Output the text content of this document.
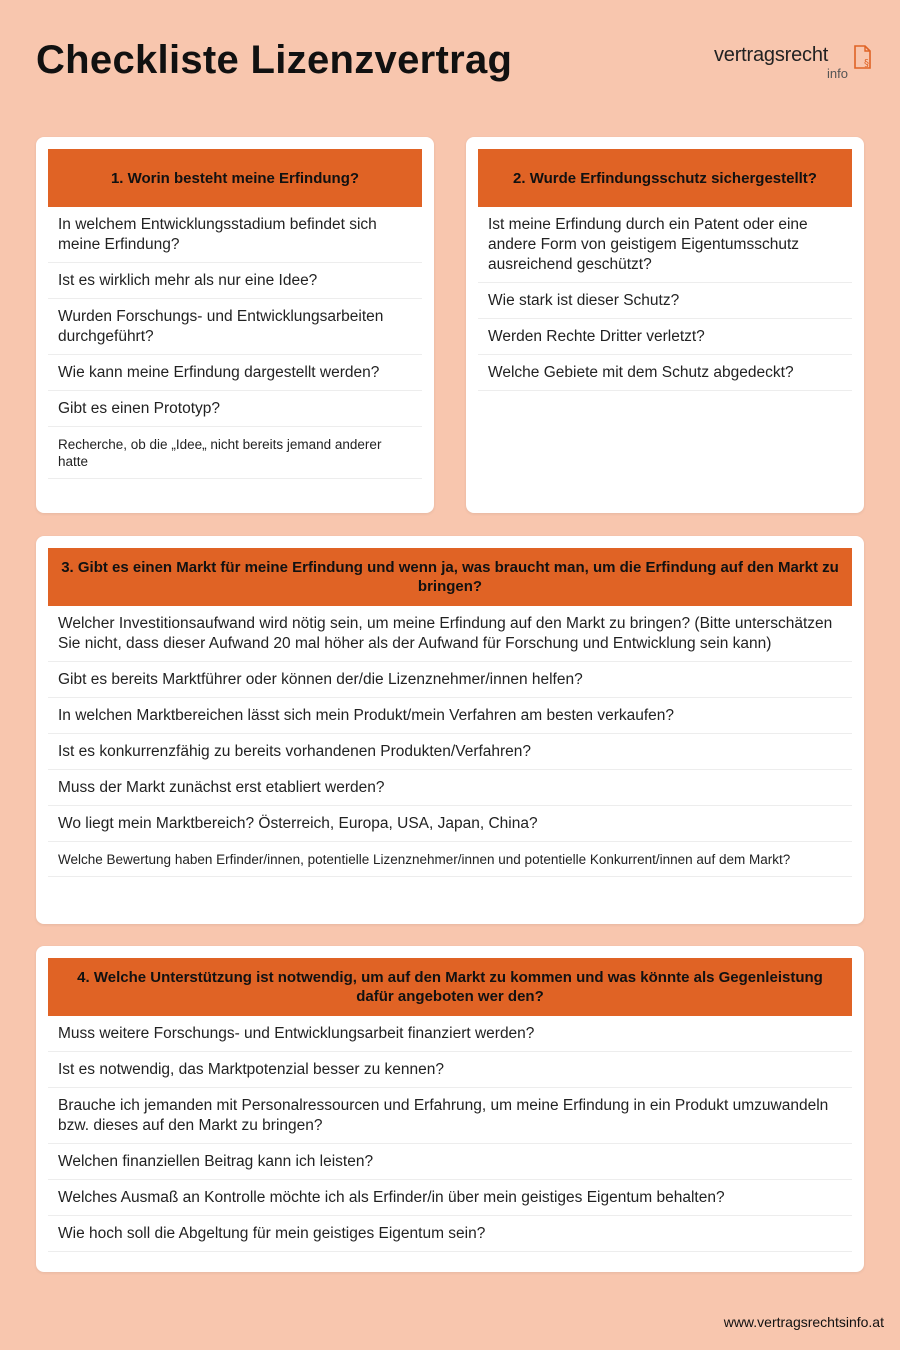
Checkliste Lizenzvertrag	vertragsrecht
info
§
1. Worin besteht meine Erfindung?
In welchem Entwicklungsstadium befindet sich meine Erfindung?
Ist es wirklich mehr als nur eine Idee?
Wurden Forschungs- und Entwicklungsarbeiten durchgeführt?
Wie kann meine Erfindung dargestellt werden?
Gibt es einen Prototyp?
Recherche, ob die „Idee„ nicht bereits jemand anderer hatte
2. Wurde Erfindungsschutz sichergestellt?
Ist meine Erfindung durch ein Patent oder eine andere Form von geistigem Eigentumsschutz ausreichend geschützt?
Wie stark ist dieser Schutz?
Werden Rechte Dritter verletzt?
Welche Gebiete mit dem Schutz abgedeckt?
3. Gibt es einen Markt für meine Erfindung und wenn ja, was braucht man, um die Erfindung auf den Markt zu bringen?
Welcher Investitionsaufwand wird nötig sein, um meine Erfindung auf den Markt zu bringen? (Bitte unterschätzen Sie nicht, dass dieser Aufwand 20 mal höher als der Aufwand für Forschung und Entwicklung sein kann)
Gibt es bereits Marktführer oder können der/die Lizenznehmer/innen helfen?
In welchen Marktbereichen lässt sich mein Produkt/mein Verfahren am besten verkaufen?
Ist es konkurrenzfähig zu bereits vorhandenen Produkten/Verfahren?
Muss der Markt zunächst erst etabliert werden?
Wo liegt mein Marktbereich? Österreich, Europa, USA, Japan, China?
Welche Bewertung haben Erfinder/innen, potentielle Lizenznehmer/innen und potentielle Konkurrent/innen auf dem Markt?
4. Welche Unterstützung ist notwendig, um auf den Markt zu kommen und was könnte als Gegenleistung dafür angeboten wer den?
Muss weitere Forschungs- und Entwicklungsarbeit finanziert werden?
Ist es notwendig, das Marktpotenzial besser zu kennen?
Brauche ich jemanden mit Personalressourcen und Erfahrung, um meine Erfindung in ein Produkt umzuwandeln bzw. dieses auf den Markt zu bringen?
Welchen finanziellen Beitrag kann ich leisten?
Welches Ausmaß an Kontrolle möchte ich als Erfinder/in über mein geistiges Eigentum behalten?
Wie hoch soll die Abgeltung für mein geistiges Eigentum sein?
www.vertragsrechtsinfo.at
